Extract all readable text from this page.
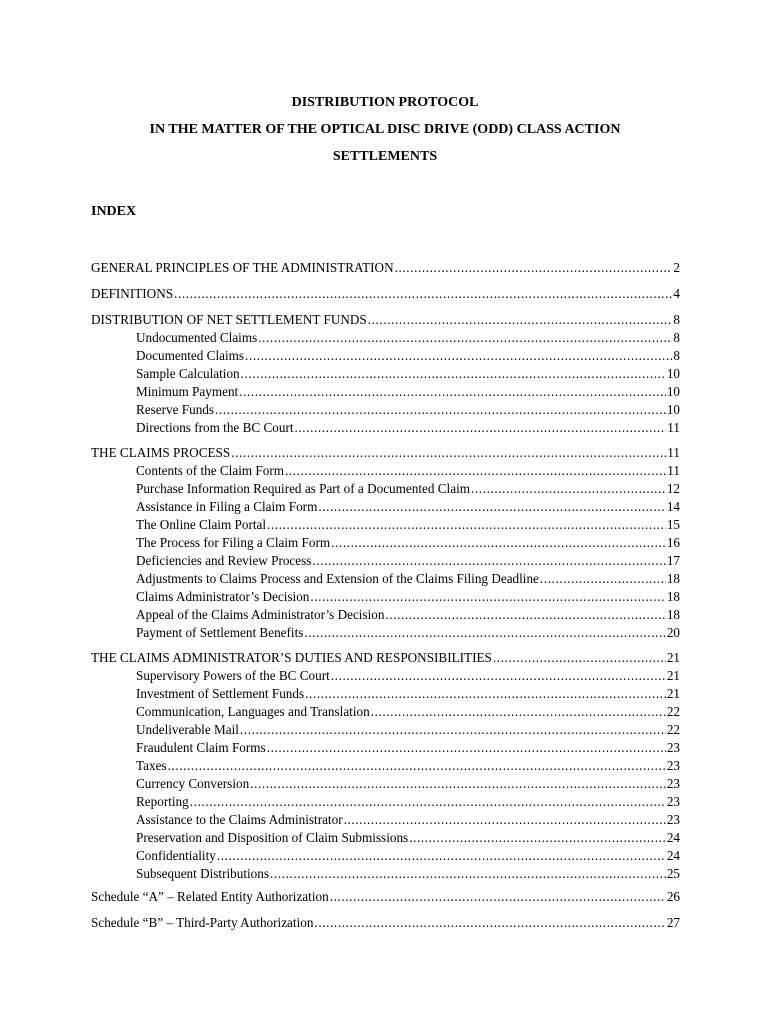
DISTRIBUTION PROTOCOL
IN THE MATTER OF THE OPTICAL DISC DRIVE (ODD) CLASS ACTION
SETTLEMENTS
INDEX
GENERAL PRINCIPLES OF THE ADMINISTRATION .....	2
DEFINITIONS .....	4
DISTRIBUTION OF NET SETTLEMENT FUNDS .....	8
Undocumented Claims .....	8
Documented Claims .....	8
Sample Calculation .....	10
Minimum Payment .....	10
Reserve Funds .....	10
Directions from the BC Court .....	11
THE CLAIMS PROCESS .....	11
Contents of the Claim Form .....	11
Purchase Information Required as Part of a Documented Claim .....	12
Assistance in Filing a Claim Form .....	14
The Online Claim Portal .....	15
The Process for Filing a Claim Form .....	16
Deficiencies and Review Process .....	17
Adjustments to Claims Process and Extension of the Claims Filing Deadline .....	18
Claims Administrator’s Decision .....	18
Appeal of the Claims Administrator’s Decision .....	18
Payment of Settlement Benefits .....	20
THE CLAIMS ADMINISTRATOR’S DUTIES AND RESPONSIBILITIES .....	21
Supervisory Powers of the BC Court .....	21
Investment of Settlement Funds .....	21
Communication, Languages and Translation .....	22
Undeliverable Mail .....	22
Fraudulent Claim Forms .....	23
Taxes .....	23
Currency Conversion .....	23
Reporting .....	23
Assistance to the Claims Administrator .....	23
Preservation and Disposition of Claim Submissions .....	24
Confidentiality .....	24
Subsequent Distributions .....	25
Schedule “A” – Related Entity Authorization .....	26
Schedule “B” – Third-Party Authorization .....	27
